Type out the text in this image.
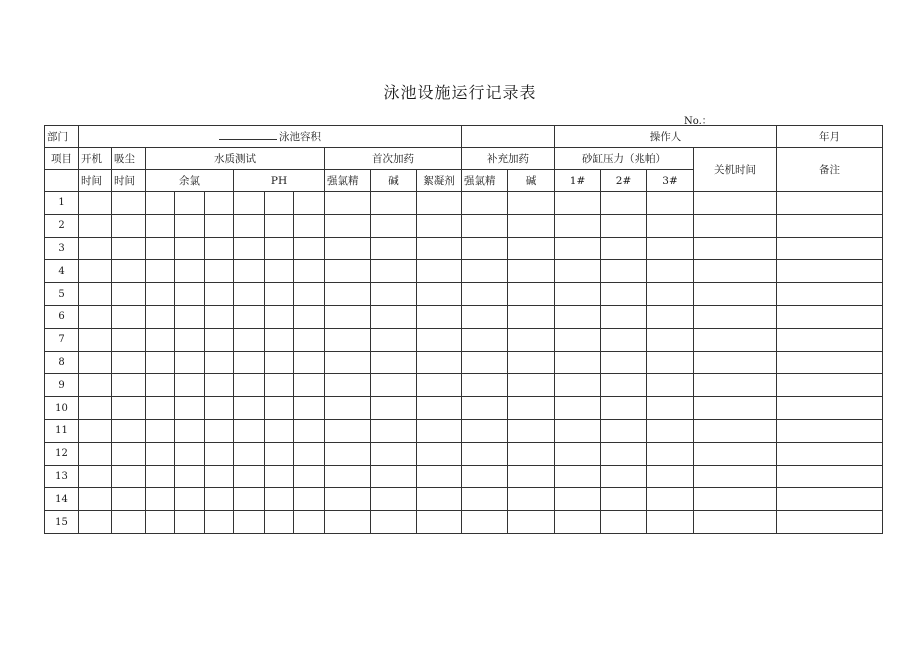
泳池设施运行记录表
No.：
部门	泳池容积													操作人				年月
项目	开机	吸尘	水质测试						首次加药			补充加药		砂缸压力（兆帕）			关机时间	备注
	时间	时间	余氯			PH			强氯精	碱	絮凝剂	强氯精	碱	1#	2#	3#		
1																		
2																		
3																		
4																		
5																		
6																		
7																		
8																		
9																		
10																		
11																		
12																		
13																		
14																		
15																		
